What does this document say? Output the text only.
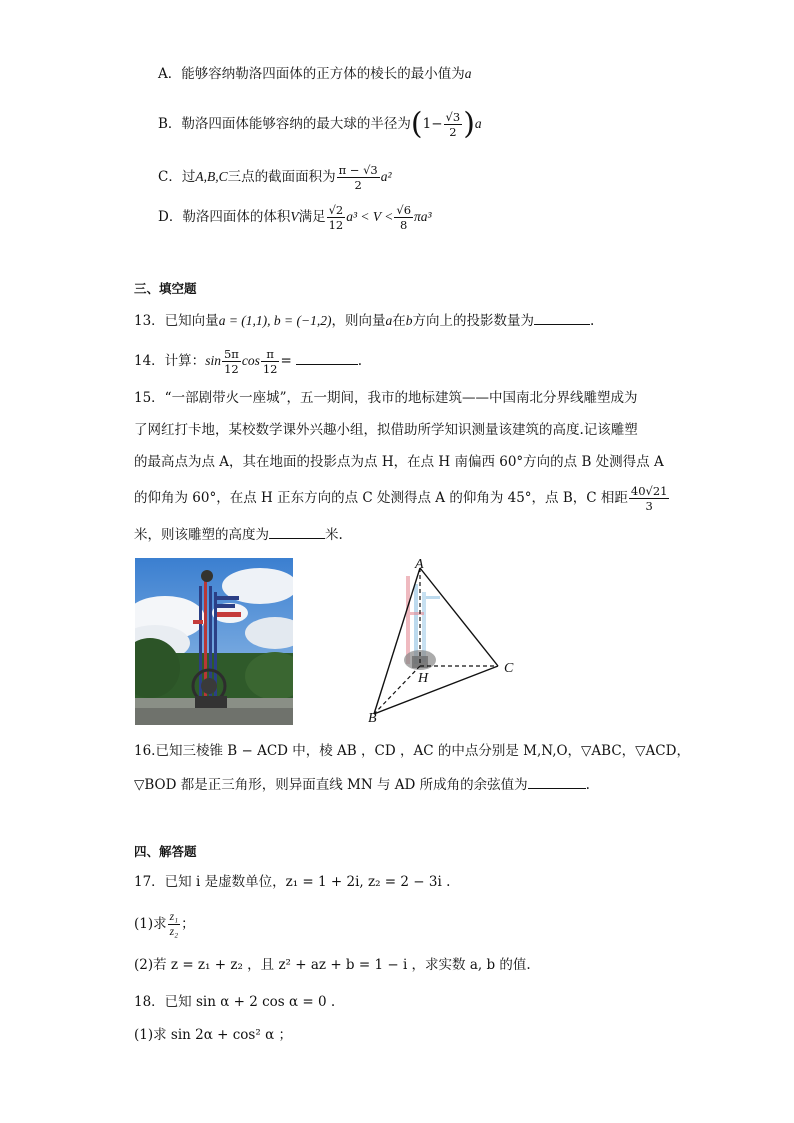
A．能够容纳勒洛四面体的正方体的棱长的最小值为a
B．勒洛四面体能够容纳的最大球的半径为$(1- \frac{√3}{2} )a$
C．过A,B,C三点的截面面积为 $\frac{\pi - √3}{2} a^2$
D．勒洛四面体的体积V满足 $\frac{√2}{12} a^3 < V < \frac{√6}{8} \pi a^3$
三、填空题
13．已知向量a = (1,1), b = (−1,2)，则向量a在b方向上的投影数量为	.
14．计算：$\sin \frac{5\pi}{12}$ $\cos \frac{\pi}{12}$ =	.
15．“一部剧带火一座城”，五一期间，我市的地标建筑——中国南北分界线雕塑成为
了网红打卡地，某校数学课外兴趣小组，拟借助所学知识测量该建筑的高度.记该雕塑
的最高点为点 A，其在地面的投影点为点 H，在点 H 南偏西 60°方向的点 B 处测得点 A
的仰角为 60°，在点 H 正东方向的点 C 处测得点 A 的仰角为 45°，点 B，C 相距 $\frac{40√21}{3}$
米，则该雕塑的高度为	米.
A
B
C
H
16.已知三棱锥 B − ACD 中，棱 AB ，CD ，AC 的中点分别是 M,N,O，▽ABC，▽ACD，
▽BOD 都是正三角形，则异面直线 MN 与 AD 所成角的余弦值为	.
四、解答题
17．已知 i 是虚数单位，z₁ = 1 + 2i, z₂ = 2 − 3i .
(1)求 $\frac{\text{z₁}}{\text{z₂}}$ ；
(2)若 z = z₁ + z₂ ，且 z² + az + b = 1 − i ，求实数 a, b 的值.
18．已知 sin α + 2 cos α = 0 .
(1)求 sin 2α + cos² α ；
